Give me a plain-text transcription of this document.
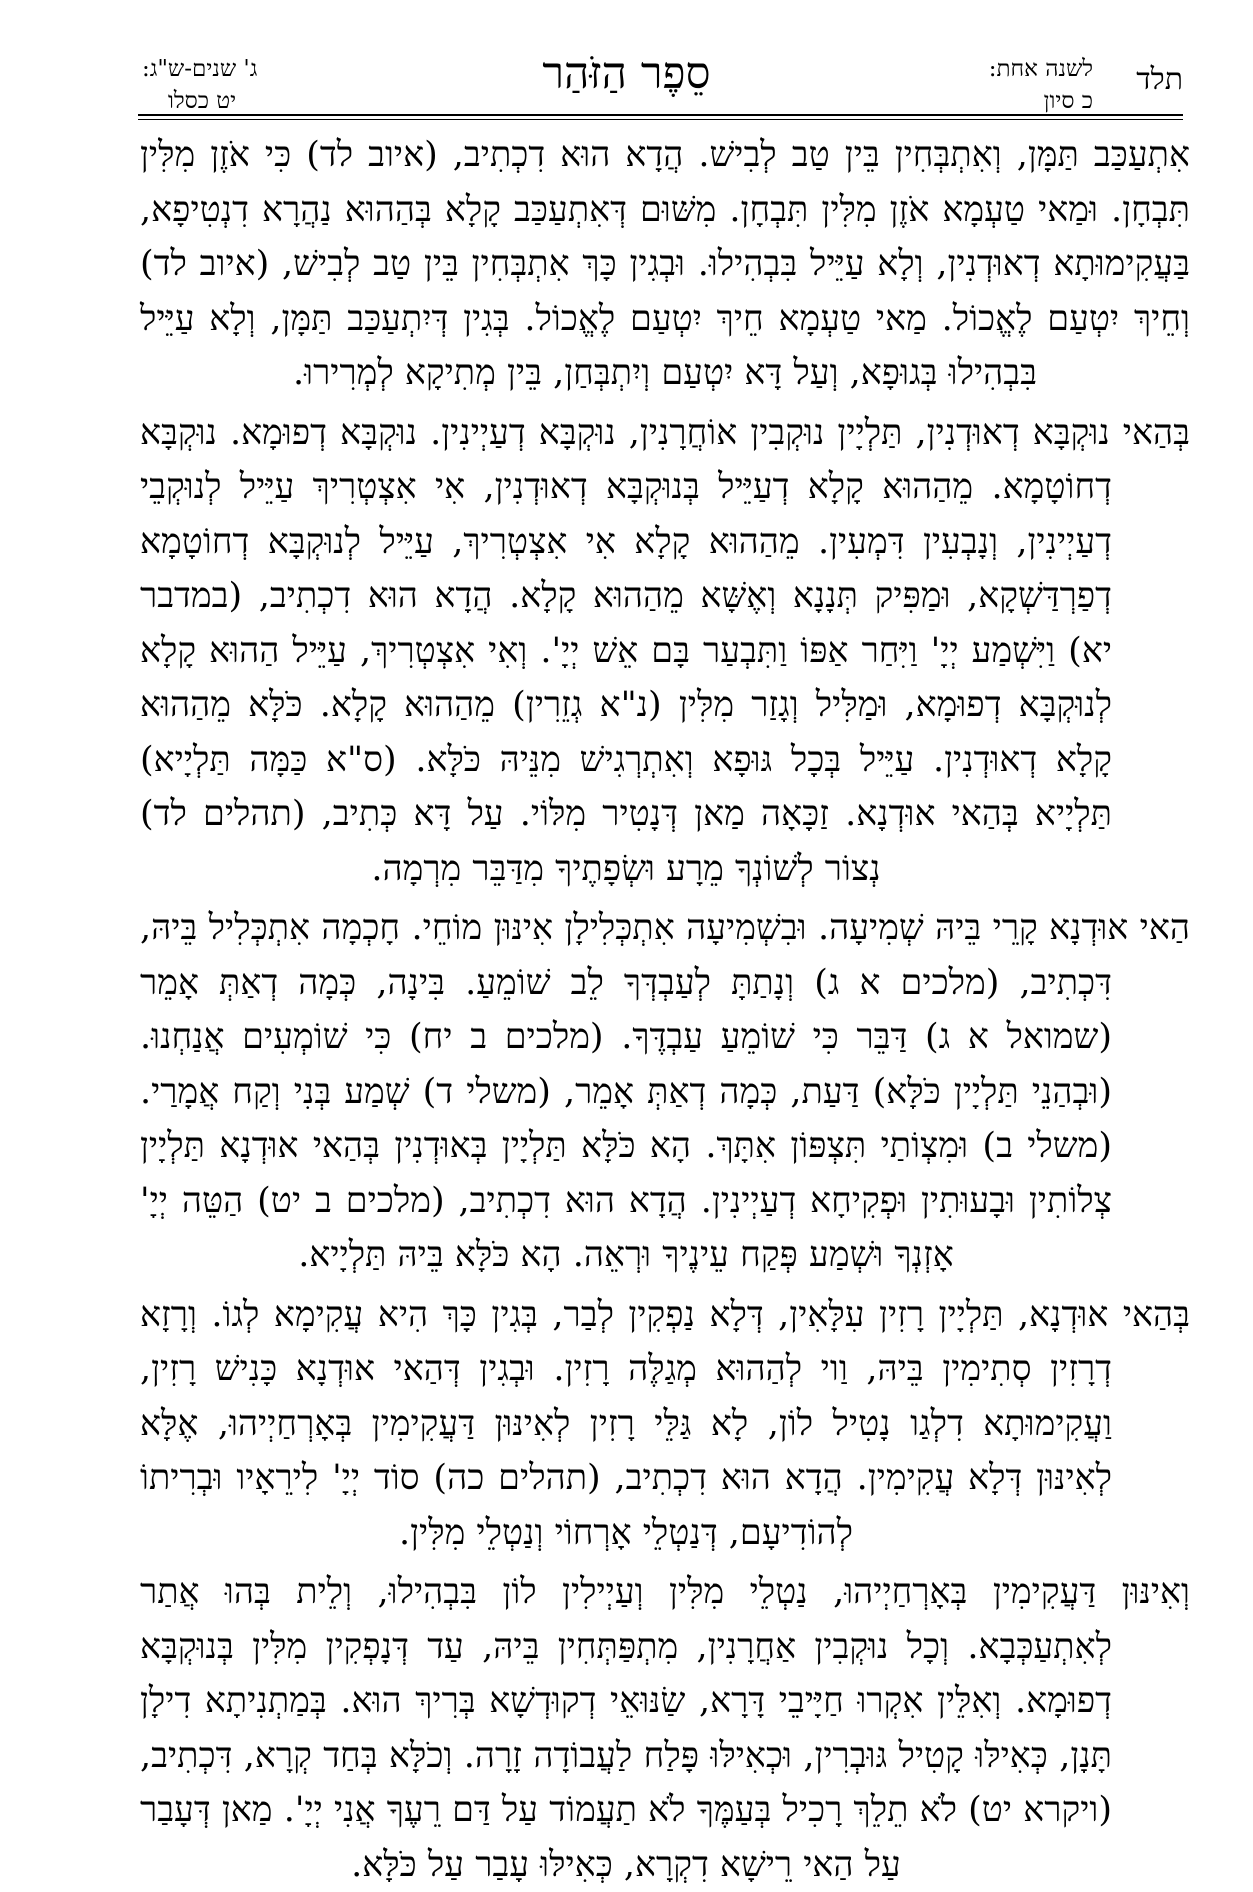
תלד
לשנה אחת:
כ סיון
סֵפֶר הַזֹּהַר
ג' שנים-ש"ג:
יט כסלו

אִתְעַכַּב תַּמָּן, וְאִתְבְּחִין בֵּין טַב לְבִישׁ. הֲדָא הוּא דִכְתִיב, (איוב לד) כִּי אֹזֶן מִלִּין תִּבְחָן. וּמַאי טַעְמָא אֹזֶן מִלִּין תִּבְחָן. מִשּׁוּם דְּאִתְעַכַּב קָלָא בְּהַהוּא נַהֲרָא דִנְטִיפָא, בַּעֲקִימוּתָא דְאוּדְנִין, וְלָא עַיֵּיל בִּבְהִילוּ. וּבְגִין כָּךְ אִתְבְּחִין בֵּין טַב לְבִישׁ, (איוב לד) וְחֵיךְ יִטְעַם לֶאֱכוֹל. מַאי טַעְמָא חֵיךְ יִטְעַם לֶאֱכוֹל. בְּגִין דְּיִתְעַכַּב תַּמָּן, וְלָא עַיֵּיל בִּבְהִילוּ בְּגוּפָא, וְעַל דָּא יִטְעַם וְיִתְבְּחַן, בֵּין מְתִיקָא לְמְרִירוּ.

בְּהַאי נוּקְבָּא דְאוּדְנִין, תַּלְיָין נוּקְבִין אוֹחֲרָנִין, נוּקְבָּא דְעַיְינִין. נוּקְבָּא דְפוּמָא. נוּקְבָּא דְחוֹטָמָא. מֵהַהוּא קָלָא דְעַיֵּיל בְּנוּקְבָּא דְאוּדְנִין, אִי אִצְטְרִיךְ עַיֵּיל לְנוּקְבֵי דְעַיְינִין, וְנָבְעִין דִּמְעִין. מֵהַהוּא קָלָא אִי אִצְטְרִיךְ, עַיֵּיל לְנוּקְבָּא דְחוֹטָמָא דְפַרְדַּשְׁקָא, וּמַפִּיק תְּנָנָא וְאֶשָּׁא מֵהַהוּא קָלָא. הֲדָא הוּא דִכְתִיב, (במדבר יא) וַיִּשְׁמַע יְיָ' וַיִּחַר אַפּוֹ וַתִּבְעַר בָּם אֵשׁ יְיָ'. וְאִי אִצְטְרִיךְ, עַיֵּיל הַהוּא קָלָא לְנוּקְבָּא דְפוּמָא, וּמַלִּיל וְגָזַר מִלִּין (נ"א גְזֵרִין) מֵהַהוּא קָלָא. כֹּלָּא מֵהַהוּא קָלָא דְאוּדְנִין. עַיֵּיל בְּכָל גּוּפָא וְאִתְרְגִישׁ מִנֵּיהּ כֹּלָּא. (ס"א כַּמָּה תַּלְיָיא) תַּלְיָיא בְּהַאי אוּדְנָא. זַכָּאָה מַאן דְּנָטִיר מִלּוֹי. עַל דָּא כְּתִיב, (תהלים לד) נְצוֹר לְשׁוֹנְךָ מֵרָע וּשְׂפָתֶיךָ מִדַּבֵּר מִרְמָה.

הַאי אוּדְנָא קָרֵי בֵּיהּ שְׁמִיעָה. וּבִשְׁמִיעָה אִתְכְּלִילָן אִינּוּן מוֹחֵי. חָכְמָה אִתְכְּלִיל בֵּיהּ, דִּכְתִיב, (מלכים א ג) וְנָתַתָּ לְעַבְדְּךָ לֵב שׁוֹמֵעַ. בִּינָה, כְּמָה דְאַתְּ אָמֵר (שמואל א ג) דַּבֵּר כִּי שׁוֹמֵעַ עַבְדֶּךָ. (מלכים ב יח) כִּי שׁוֹמְעִים אֲנַחְנוּ. (וּבְהַנֵי תַּלְיָין כֹּלָּא) דַּעַת, כְּמָה דְאַתְּ אָמֵר, (משלי ד) שְׁמַע בְּנִי וְקַח אֲמָרַי. (משלי ב) וּמִצְוֹתַי תִּצְפּוֹן אִתָּךְ. הָא כֹּלָּא תַּלְיָין בְּאוּדְנִין בְּהַאי אוּדְנָא תַּלְיָין צְלוֹתִין וּבָעוּתִין וּפְקִיחָא דְעַיְינִין. הֲדָא הוּא דִכְתִיב, (מלכים ב יט) הַטֵּה יְיָ' אָזְנְךָ וּשְׁמַע פְּקַח עֵינֶיךָ וּרְאֵה. הָא כֹּלָּא בֵּיהּ תַּלְיָיא.

בְּהַאי אוּדְנָא, תַּלְיָין רָזִין עִלָּאִין, דְּלָא נַפְקִין לְבַר, בְּגִין כָּךְ הִיא עֲקִימָא לְגוֹ. וְרָזָא דְרָזִין סְתִימִין בֵּיהּ, וַוי לְהַהוּא מְגַלֶּה רָזִין. וּבְגִין דְּהַאי אוּדְנָא כָּנִישׁ רָזִין, וַעֲקִימוּתָא דִלְגַו נָטִיל לוֹן, לָא גַּלֵּי רָזִין לְאִינּוּן דַּעֲקִימִין בְּאָרְחַיְיהוּ, אֶלָּא לְאִינּוּן דְּלָא עֲקִימִין. הֲדָא הוּא דִכְתִיב, (תהלים כה) סוֹד יְיָ' לִירֵאָיו וּבְרִיתוֹ לְהוֹדִיעָם, דְּנַטְלֵי אָרְחוֹי וְנַטְלֵי מִלִּין.

וְאִינּוּן דַּעֲקִימִין בְּאָרְחַיְיהוּ, נַטְלֵי מִלִּין וְעַיְילִין לוֹן בִּבְהִילוּ, וְלֵית בְּהוּ אֲתַר לְאִתְעַכְּבָא. וְכָל נוּקְבִין אַחֲרָנִין, מִתְפַּתְּחִין בֵּיהּ, עַד דְּנָפְקִין מִלִּין בְּנוּקְבָּא דְפוּמָא. וְאִלֵּין אִקְרוּ חַיָּיבֵי דָּרָא, שַׂנּוּאֵי דְקוּדְשָׁא בְּרִיךְ הוּא. בְּמַתְנִיתָא דִילָן תָּנָן, כְּאִילּוּ קָטִיל גּוּבְרִין, וּכְאִילּוּ פָּלַח לַעֲבוֹדָה זָרָה. וְכֹלָּא בְּחַד קְרָא, דִּכְתִיב, (ויקרא יט) לֹא תֵלֵךְ רָכִיל בְּעַמֶּךָ לֹא תַעֲמוֹד עַל דַּם רֵעֶךָ אֲנִי יְיָ'. מַאן דְּעָבַר עַל הַאי רֵישָׁא דִקְרָא, כְּאִילּוּ עָבַר עַל כֹּלָּא.
